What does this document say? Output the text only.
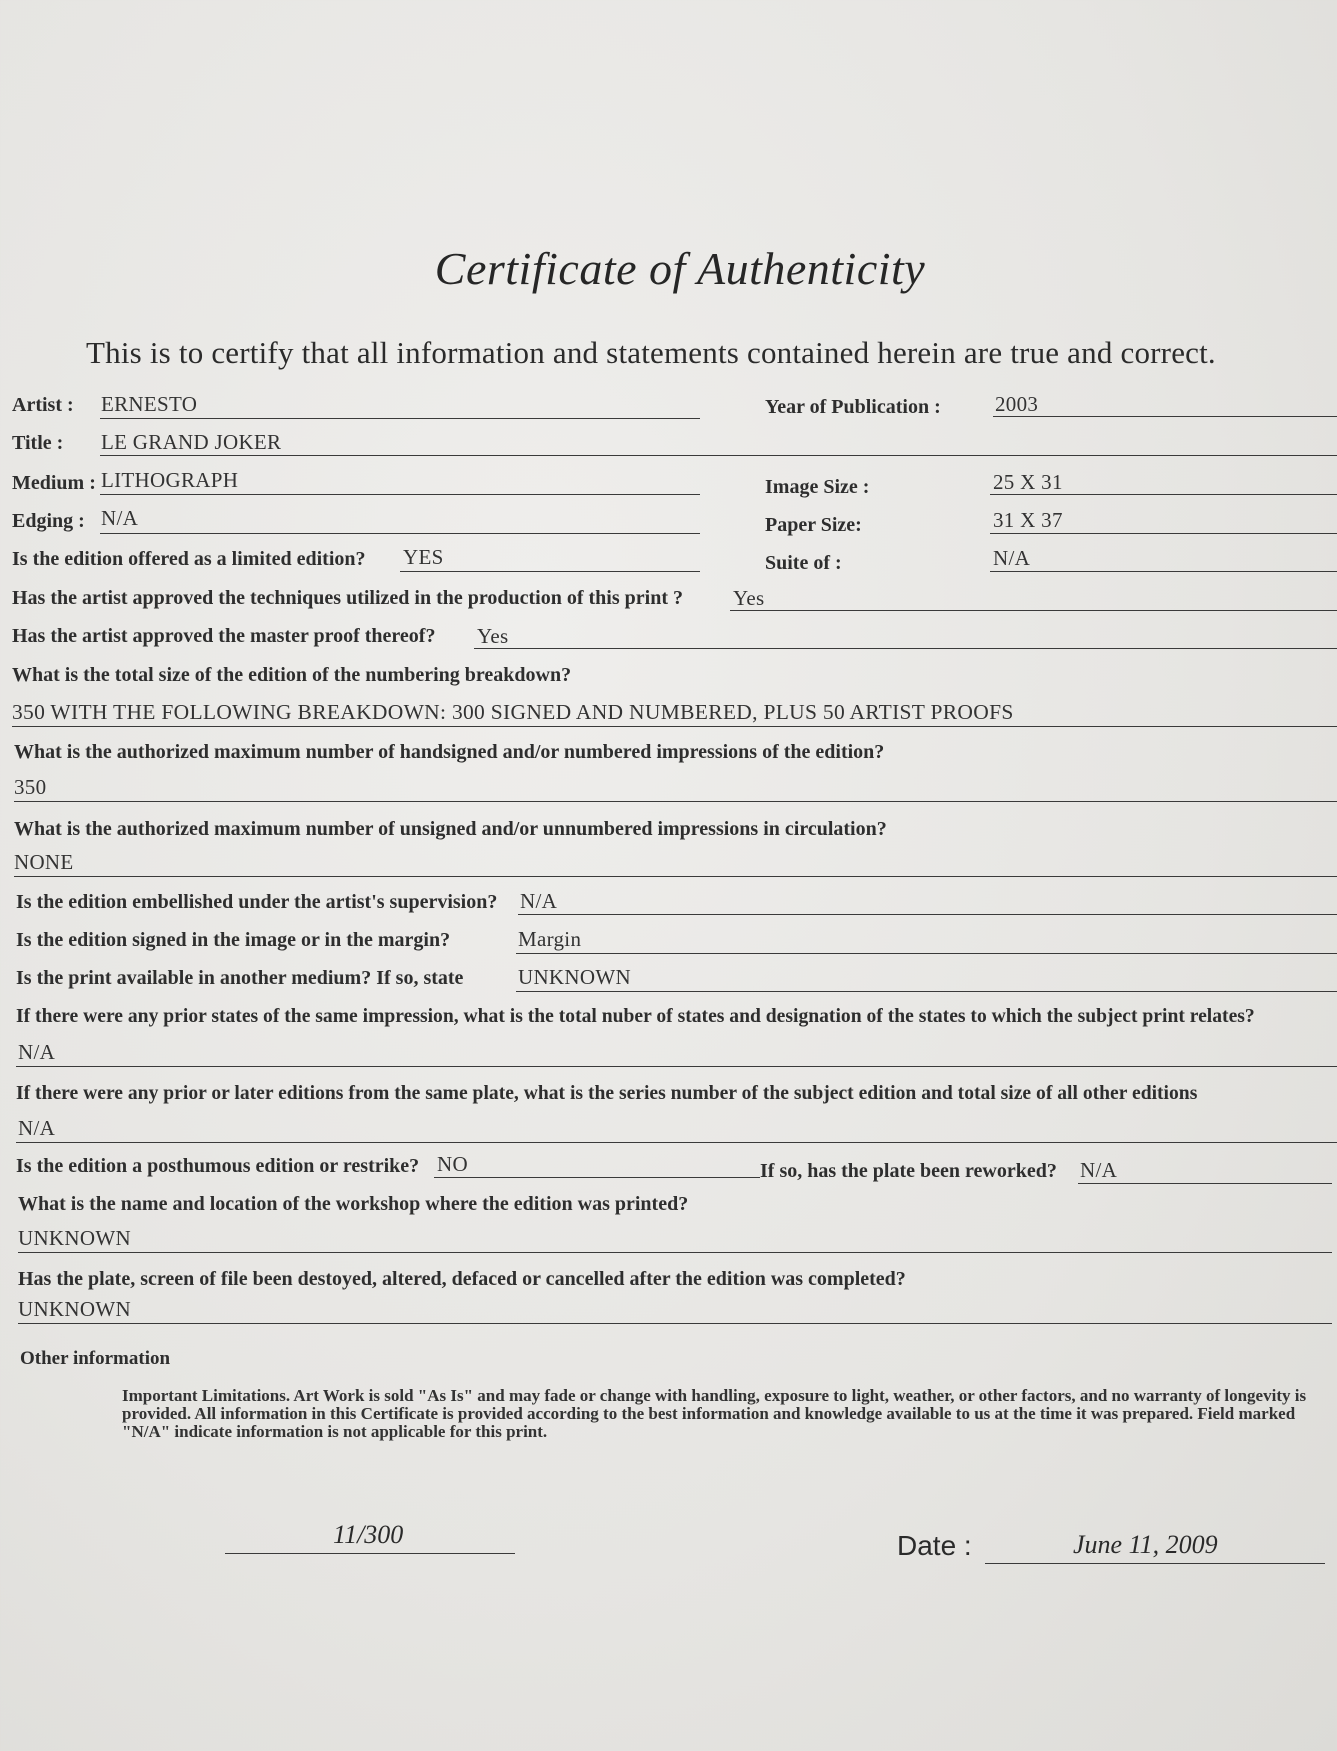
Certificate of Authenticity
This is to certify that all information and statements contained herein are true and correct.
Artist : ERNESTO	Year of Publication :	2003
Title : LE GRAND JOKER
Medium : LITHOGRAPH	Image Size :	25 X 31
Edging : N/A	Paper Size:	31 X 37
Is the edition offered as a limited edition? YES	Suite of :	N/A
Has the artist approved the techniques utilized in the production of this print ? Yes
Has the artist approved the master proof thereof? Yes
What is the total size of the edition of the numbering breakdown?
350 WITH THE FOLLOWING BREAKDOWN: 300 SIGNED AND NUMBERED, PLUS 50 ARTIST PROOFS
What is the authorized maximum number of handsigned and/or numbered impressions of the edition?
350
What is the authorized maximum number of unsigned and/or unnumbered impressions in circulation?
NONE
Is the edition embellished under the artist's supervision? N/A
Is the edition signed in the image or in the margin?	Margin
Is the print available in another medium? If so, state	UNKNOWN
If there were any prior states of the same impression, what is the total nuber of states and designation of the states to which the subject print relates?
N/A
If there were any prior or later editions from the same plate, what is the series number of the subject edition and total size of all other editions
N/A
Is the edition a posthumous edition or restrike? NO	If so, has the plate been reworked? N/A
What is the name and location of the workshop where the edition was printed?
UNKNOWN
Has the plate, screen of file been destoyed, altered, defaced or cancelled after the edition was completed?
UNKNOWN
Other information
Important Limitations. Art Work is sold "As Is" and may fade or change with handling, exposure to light, weather, or other factors, and no warranty of longevity is provided. All information in this Certificate is provided according to the best information and knowledge available to us at the time it was prepared. Field marked "N/A" indicate information is not applicable for this print.
11/300	Date :	June 11, 2009
